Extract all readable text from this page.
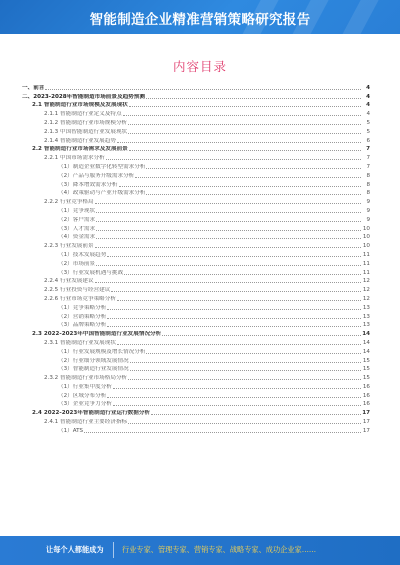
智能制造企业精准营销策略研究报告
内容目录
一、前言	4
二、2023-2028年智能制造市场前景及趋势预测	4
2.1 智能制造行业市场规模及发展现状	4
2.1.1 智能制造行业定义及特点	4
2.1.2 智能制造行业市场规模分析	5
2.1.3 中国智能制造行业发展现状	5
2.1.4 智能制造行业发展趋势	6
2.2 智能制造行业市场需求及发展前景	7
2.2.1 中国市场需求分析	7
（1）制造企业数字化转型需求分析	7
（2）产品与服务升级需求分析	8
（3）降本增效需求分析	8
（4）政策驱动与产业升级需求分析	8
2.2.2 行业竞争格局	9
（1）竞争现状	9
（2）客户需求	9
（3）人才需求	10
（4）资金需求	10
2.2.3 行业发展前景	10
（1）技术发展趋势	11
（2）市场前景	11
（3）行业发展机遇与挑战	11
2.2.4 行业发展建议	12
2.2.5 行业投资与经营建议	12
2.2.6 行业市场竞争策略分析	12
（1）竞争策略分析	13
（2）营销策略分析	13
（3）品牌策略分析	13
2.3 2022-2023年中国智能制造行业发展情况分析	14
2.3.1 智能制造行业发展现状	14
（1）行业发展规模及增长情况分析	14
（2）行业细分领域发展情况	15
（3）智能制造行业发展情况	15
2.3.2 智能制造行业市场格局分析	15
（1）行业集中度分析	16
（2）区域分布分析	16
（3）企业竞争力分析	16
2.4 2022-2023年智能制造行业运行数据分析	17
2.4.1 智能制造行业主要经济指标	17
（1）ATS	17
让每个人都能成为	行业专家、管理专家、营销专家、战略专家、成功企业家……
